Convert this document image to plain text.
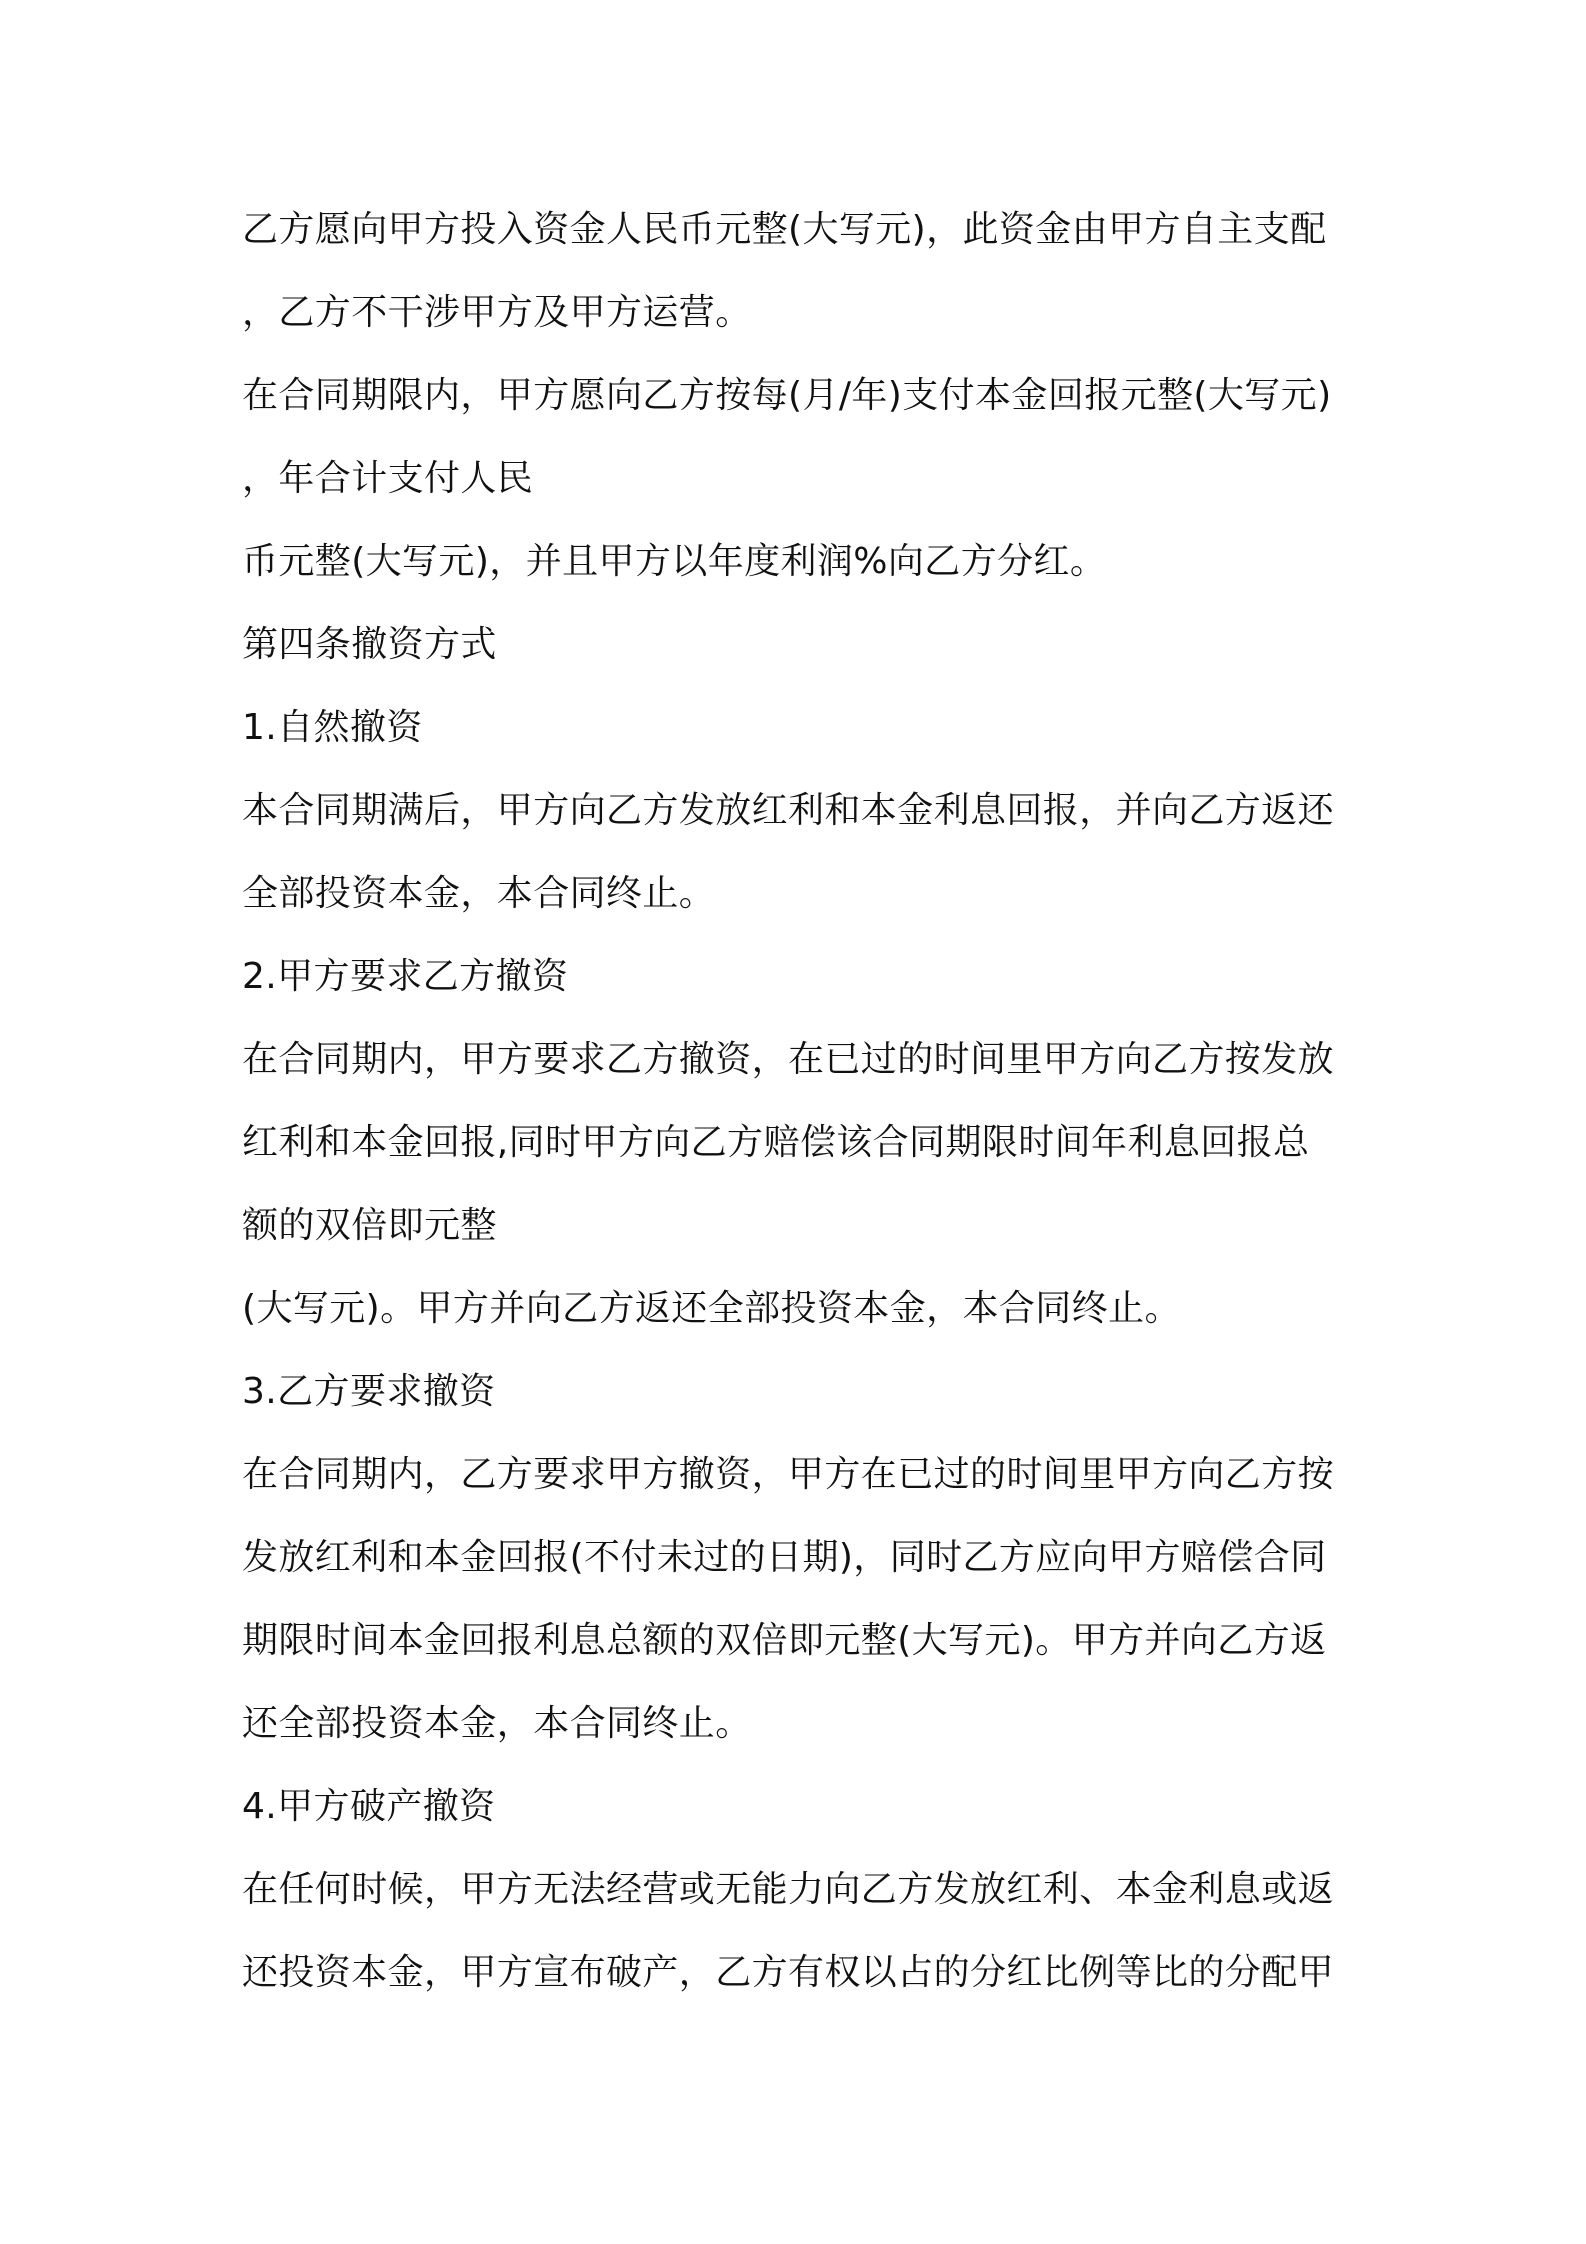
乙方愿向甲方投入资金人民币元整(大写元)，此资金由甲方自主支配
，乙方不干涉甲方及甲方运营。
在合同期限内，甲方愿向乙方按每(月/年)支付本金回报元整(大写元)
，年合计支付人民
币元整(大写元)，并且甲方以年度利润%向乙方分红。
第四条撤资方式
1.自然撤资
本合同期满后，甲方向乙方发放红利和本金利息回报，并向乙方返还
全部投资本金，本合同终止。
2.甲方要求乙方撤资
在合同期内，甲方要求乙方撤资，在已过的时间里甲方向乙方按发放
红利和本金回报,同时甲方向乙方赔偿该合同期限时间年利息回报总
额的双倍即元整
(大写元)。甲方并向乙方返还全部投资本金，本合同终止。
3.乙方要求撤资
在合同期内，乙方要求甲方撤资，甲方在已过的时间里甲方向乙方按
发放红利和本金回报(不付未过的日期)，同时乙方应向甲方赔偿合同
期限时间本金回报利息总额的双倍即元整(大写元)。甲方并向乙方返
还全部投资本金，本合同终止。
4.甲方破产撤资
在任何时候，甲方无法经营或无能力向乙方发放红利、本金利息或返
还投资本金，甲方宣布破产，乙方有权以占的分红比例等比的分配甲
